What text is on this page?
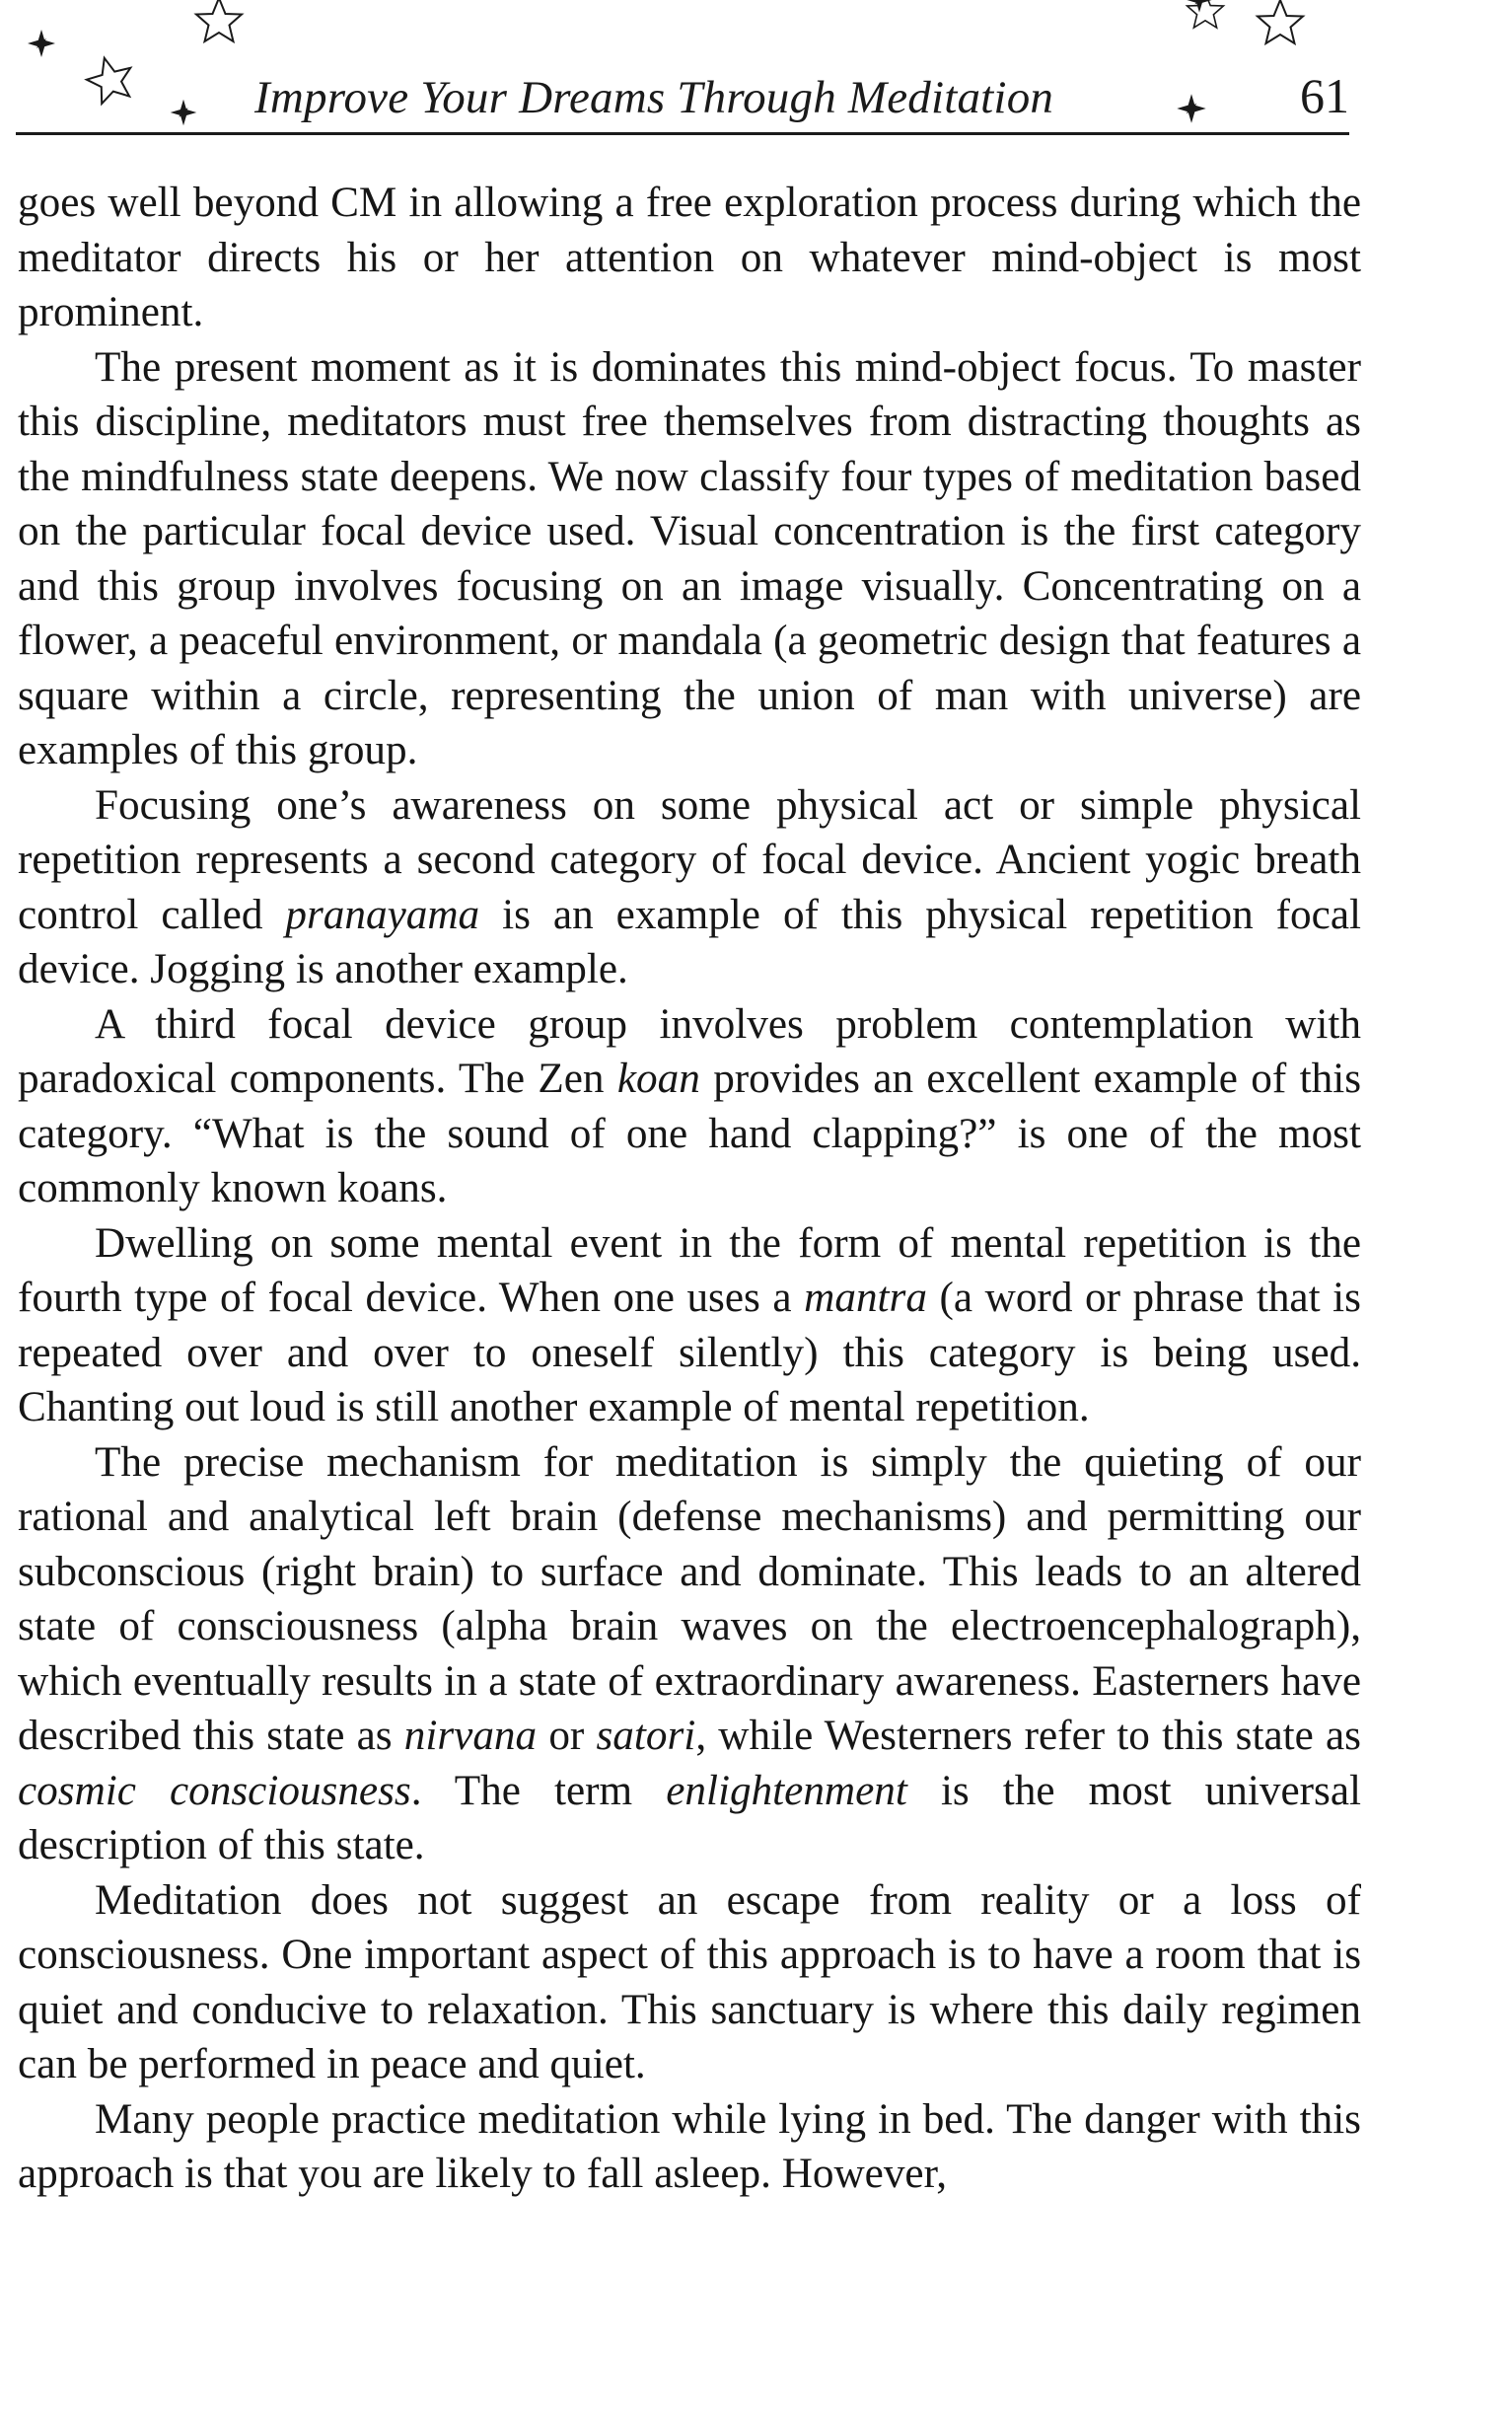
Improve Your Dreams Through Meditation	61

goes well beyond CM in allowing a free exploration process during which the meditator directs his or her attention on whatever mind-object is most prominent.

The present moment as it is dominates this mind-object focus. To master this discipline, meditators must free themselves from distracting thoughts as the mindfulness state deepens. We now classify four types of meditation based on the particular focal device used. Visual concentration is the first category and this group involves focusing on an image visually. Concentrating on a flower, a peaceful environment, or mandala (a geometric design that features a square within a circle, representing the union of man with universe) are examples of this group.

Focusing one’s awareness on some physical act or simple physical repetition represents a second category of focal device. Ancient yogic breath control called pranayama is an example of this physical repetition focal device. Jogging is another example.

A third focal device group involves problem contemplation with paradoxical components. The Zen koan provides an excellent example of this category. “What is the sound of one hand clapping?” is one of the most commonly known koans.

Dwelling on some mental event in the form of mental repetition is the fourth type of focal device. When one uses a mantra (a word or phrase that is repeated over and over to oneself silently) this category is being used. Chanting out loud is still another example of mental repetition.

The precise mechanism for meditation is simply the quieting of our rational and analytical left brain (defense mechanisms) and permitting our subconscious (right brain) to surface and dominate. This leads to an altered state of consciousness (alpha brain waves on the electroencephalograph), which eventually results in a state of extraordinary awareness. Easterners have described this state as nirvana or satori, while Westerners refer to this state as cosmic consciousness. The term enlightenment is the most universal description of this state.

Meditation does not suggest an escape from reality or a loss of consciousness. One important aspect of this approach is to have a room that is quiet and conducive to relaxation. This sanctuary is where this daily regimen can be performed in peace and quiet.

Many people practice meditation while lying in bed. The danger with this approach is that you are likely to fall asleep. However,
